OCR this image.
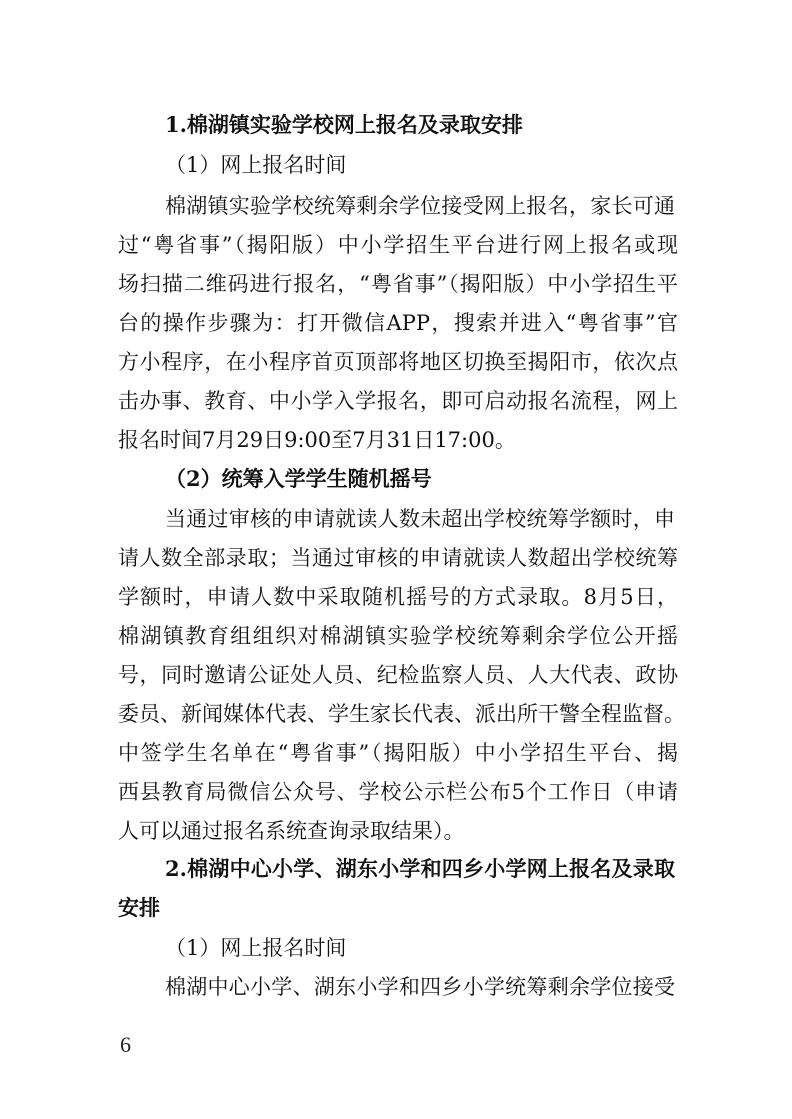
1.棉湖镇实验学校网上报名及录取安排
（1）网上报名时间
棉湖镇实验学校统筹剩余学位接受网上报名，家长可通
过“粤省事”（揭阳版）中小学招生平台进行网上报名或现
场扫描二维码进行报名，“粤省事”（揭阳版）中小学招生平
台的操作步骤为：打开微信APP，搜索并进入“粤省事”官
方小程序，在小程序首页顶部将地区切换至揭阳市，依次点
击办事、教育、中小学入学报名，即可启动报名流程，网上
报名时间7月29日9:00至7月31日17:00。
（2）统筹入学学生随机摇号
当通过审核的申请就读人数未超出学校统筹学额时，申
请人数全部录取；当通过审核的申请就读人数超出学校统筹
学额时，申请人数中采取随机摇号的方式录取。8月5日，
棉湖镇教育组组织对棉湖镇实验学校统筹剩余学位公开摇
号，同时邀请公证处人员、纪检监察人员、人大代表、政协
委员、新闻媒体代表、学生家长代表、派出所干警全程监督。
中签学生名单在“粤省事”（揭阳版）中小学招生平台、揭
西县教育局微信公众号、学校公示栏公布5个工作日（申请
人可以通过报名系统查询录取结果）。
2.棉湖中心小学、湖东小学和四乡小学网上报名及录取
安排
（1）网上报名时间
棉湖中心小学、湖东小学和四乡小学统筹剩余学位接受
6
